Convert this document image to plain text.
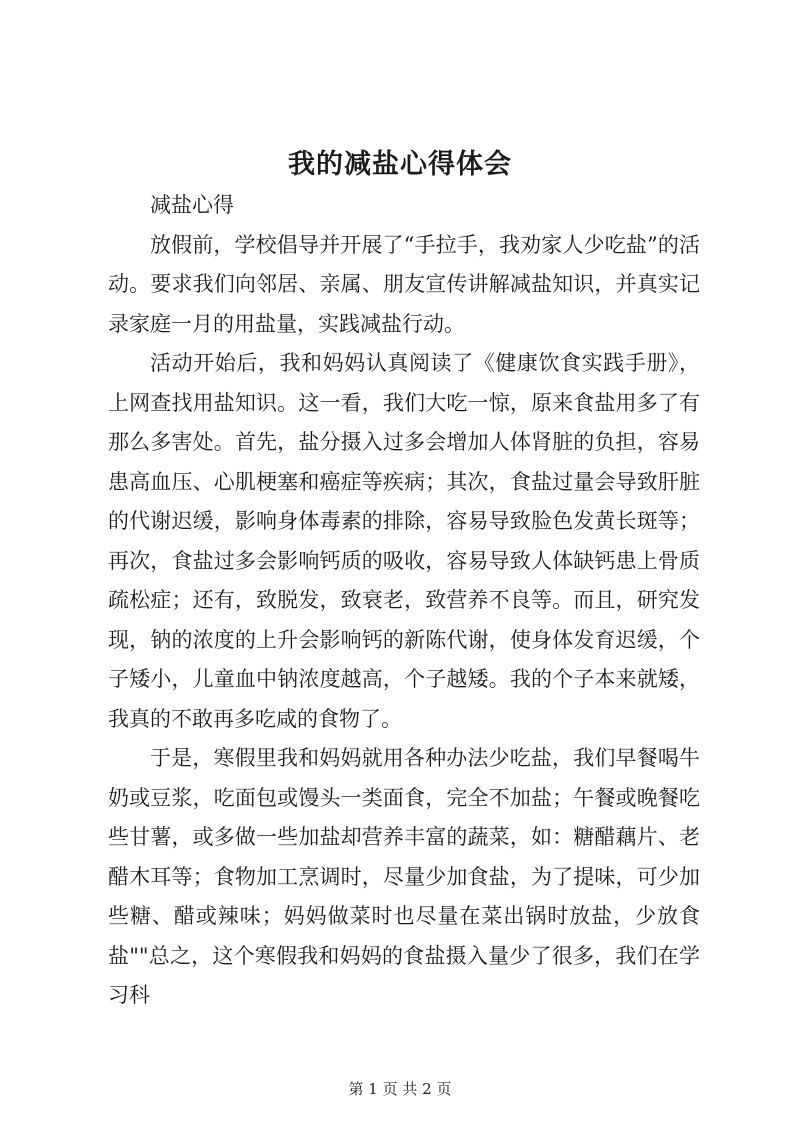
我的减盐心得体会

减盐心得

放假前，学校倡导并开展了“手拉手，我劝家人少吃盐”的活动。要求我们向邻居、亲属、朋友宣传讲解减盐知识，并真实记录家庭一月的用盐量，实践减盐行动。

活动开始后，我和妈妈认真阅读了《健康饮食实践手册》，上网查找用盐知识。这一看，我们大吃一惊，原来食盐用多了有那么多害处。首先，盐分摄入过多会增加人体肾脏的负担，容易患高血压、心肌梗塞和癌症等疾病；其次，食盐过量会导致肝脏的代谢迟缓，影响身体毒素的排除，容易导致脸色发黄长斑等；再次，食盐过多会影响钙质的吸收，容易导致人体缺钙患上骨质疏松症；还有，致脱发，致衰老，致营养不良等。而且，研究发现，钠的浓度的上升会影响钙的新陈代谢，使身体发育迟缓，个子矮小，儿童血中钠浓度越高，个子越矮。我的个子本来就矮，我真的不敢再多吃咸的食物了。

于是，寒假里我和妈妈就用各种办法少吃盐，我们早餐喝牛奶或豆浆，吃面包或馒头一类面食，完全不加盐；午餐或晚餐吃些甘薯，或多做一些加盐却营养丰富的蔬菜，如：糖醋藕片、老醋木耳等；食物加工烹调时，尽量少加食盐，为了提味，可少加些糖、醋或辣味；妈妈做菜时也尽量在菜出锅时放盐，少放食盐""总之，这个寒假我和妈妈的食盐摄入量少了很多，我们在学习科

第 1 页 共 2 页
